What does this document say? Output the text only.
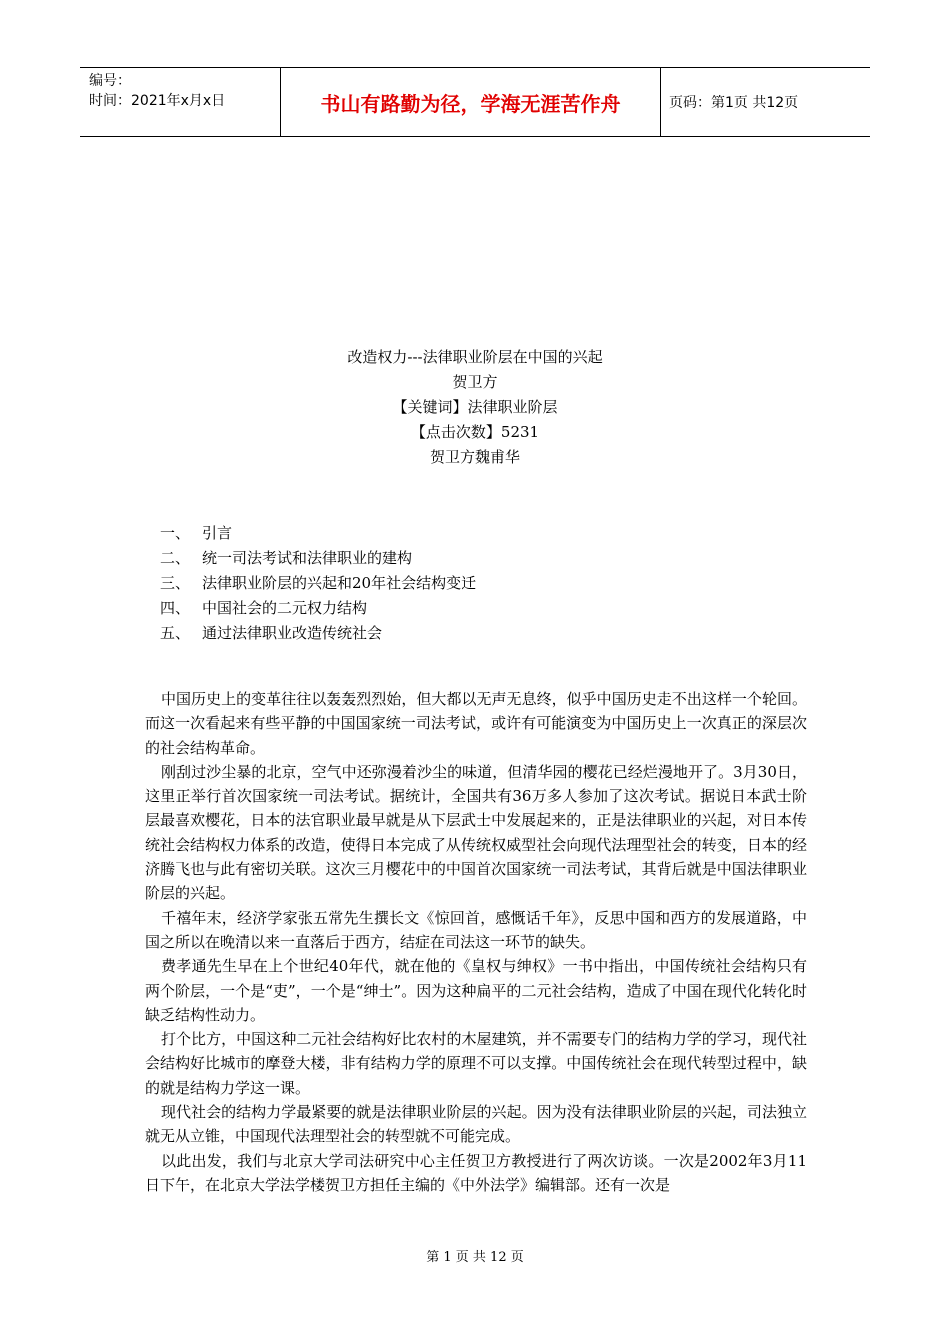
编号：
时间：2021年x月x日	书山有路勤为径，学海无涯苦作舟	页码：第1页 共12页
改造权力---法律职业阶层在中国的兴起
贺卫方
【关键词】法律职业阶层
【点击次数】5231
贺卫方魏甫华
一、 引言
二、 统一司法考试和法律职业的建构
三、 法律职业阶层的兴起和20年社会结构变迁
四、 中国社会的二元权力结构
五、 通过法律职业改造传统社会

中国历史上的变革往往以轰轰烈烈始，但大都以无声无息终，似乎中国历史走不出这样一个轮回。而这一次看起来有些平静的中国国家统一司法考试，或许有可能演变为中国历史上一次真正的深层次的社会结构革命。

刚刮过沙尘暴的北京，空气中还弥漫着沙尘的味道，但清华园的樱花已经烂漫地开了。3月30日，这里正举行首次国家统一司法考试。据统计，全国共有36万多人参加了这次考试。据说日本武士阶层最喜欢樱花，日本的法官职业最早就是从下层武士中发展起来的，正是法律职业的兴起，对日本传统社会结构权力体系的改造，使得日本完成了从传统权威型社会向现代法理型社会的转变，日本的经济腾飞也与此有密切关联。这次三月樱花中的中国首次国家统一司法考试，其背后就是中国法律职业阶层的兴起。

千禧年末，经济学家张五常先生撰长文《惊回首，感慨话千年》，反思中国和西方的发展道路，中国之所以在晚清以来一直落后于西方，结症在司法这一环节的缺失。

费孝通先生早在上个世纪40年代，就在他的《皇权与绅权》一书中指出，中国传统社会结构只有两个阶层，一个是“吏”，一个是“绅士”。因为这种扁平的二元社会结构，造成了中国在现代化转化时缺乏结构性动力。

打个比方，中国这种二元社会结构好比农村的木屋建筑，并不需要专门的结构力学的学习，现代社会结构好比城市的摩登大楼，非有结构力学的原理不可以支撑。中国传统社会在现代转型过程中，缺的就是结构力学这一课。

现代社会的结构力学最紧要的就是法律职业阶层的兴起。因为没有法律职业阶层的兴起，司法独立就无从立锥，中国现代法理型社会的转型就不可能完成。

以此出发，我们与北京大学司法研究中心主任贺卫方教授进行了两次访谈。一次是2002年3月11日下午，在北京大学法学楼贺卫方担任主编的《中外法学》编辑部。还有一次是

第 1 页 共 12 页
